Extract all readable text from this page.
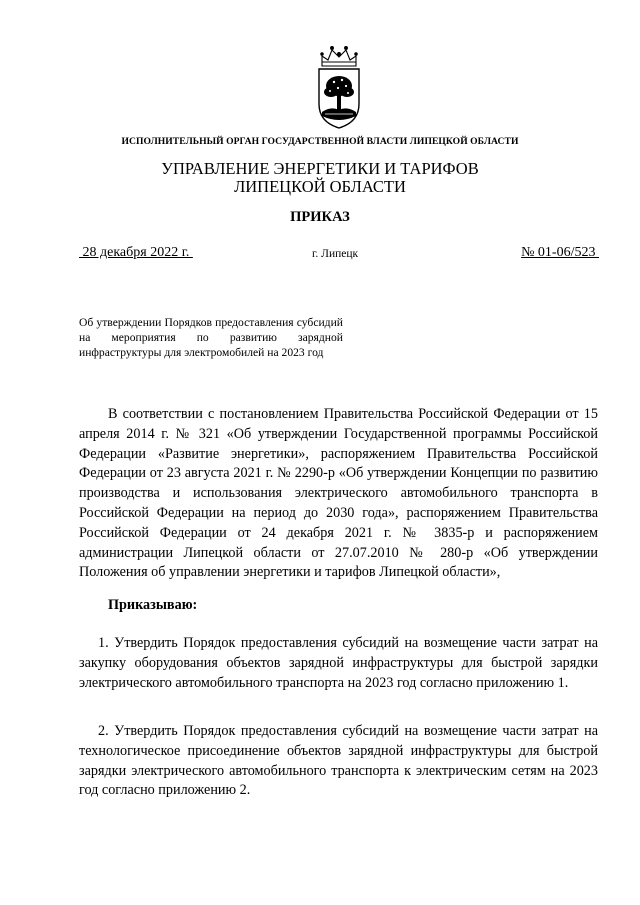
ИСПОЛНИТЕЛЬНЫЙ ОРГАН ГОСУДАРСТВЕННОЙ ВЛАСТИ ЛИПЕЦКОЙ ОБЛАСТИ
УПРАВЛЕНИЕ ЭНЕРГЕТИКИ И ТАРИФОВ
ЛИПЕЦКОЙ ОБЛАСТИ
ПРИКАЗ
28 декабря 2022 г.	г. Липецк	№ 01-06/523
Об утверждении Порядков предоставления субсидий на мероприятия по развитию зарядной инфраструктуры для электромобилей на 2023 год
В соответствии с постановлением Правительства Российской Федерации от 15 апреля 2014 г. № 321 «Об утверждении Государственной программы Российской Федерации «Развитие энергетики», распоряжением Правительства Российской Федерации от 23 августа 2021 г. № 2290-р «Об утверждении Концепции по развитию производства и использования электрического автомобильного транспорта в Российской Федерации на период до 2030 года», распоряжением Правительства Российской Федерации от 24 декабря 2021 г. № 3835-р и распоряжением администрации Липецкой области от 27.07.2010 № 280-р «Об утверждении Положения об управлении энергетики и тарифов Липецкой области»,
Приказываю:
1. Утвердить Порядок предоставления субсидий на возмещение части затрат на закупку оборудования объектов зарядной инфраструктуры для быстрой зарядки электрического автомобильного транспорта на 2023 год согласно приложению 1.
2. Утвердить Порядок предоставления субсидий на возмещение части затрат на технологическое присоединение объектов зарядной инфраструктуры для быстрой зарядки электрического автомобильного транспорта к электрическим сетям на 2023 год согласно приложению 2.
